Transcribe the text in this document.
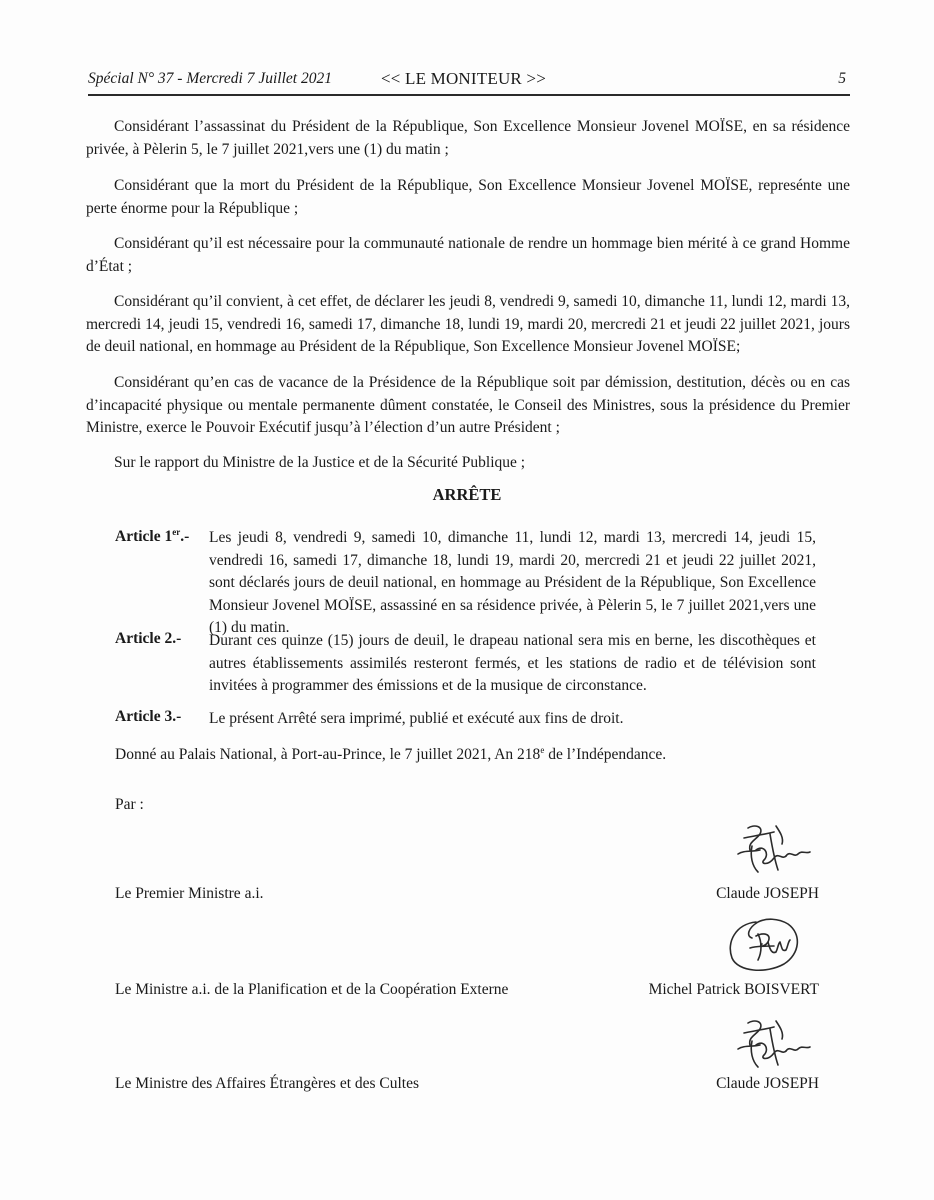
Spécial N° 37 - Mercredi 7 Juillet 2021	<< LE MONITEUR >>	5
Considérant l’assassinat du Président de la République, Son Excellence Monsieur Jovenel MOÏSE, en sa résidence privée, à Pèlerin 5, le 7 juillet 2021,vers une (1) du matin ;
Considérant que la mort du Président de la République, Son Excellence Monsieur Jovenel MOÏSE, represénte une perte énorme pour la République ;
Considérant qu’il est nécessaire pour la communauté nationale de rendre un hommage bien mérité à ce grand Homme d’État ;
Considérant qu’il convient, à cet effet, de déclarer les jeudi 8, vendredi 9, samedi 10, dimanche 11, lundi 12, mardi 13, mercredi 14, jeudi 15, vendredi 16, samedi 17, dimanche 18, lundi 19, mardi 20, mercredi 21 et jeudi 22 juillet 2021, jours de deuil national, en hommage au Président de la République, Son Excellence Monsieur Jovenel MOÏSE;
Considérant qu’en cas de vacance de la Présidence de la République soit par démission, destitution, décès ou en cas d’incapacité physique ou mentale permanente dûment constatée, le Conseil des Ministres, sous la présidence du Premier Ministre, exerce le Pouvoir Exécutif jusqu’à l’élection d’un autre Président ;
Sur le rapport du Ministre de la Justice et de la Sécurité Publique ;
ARRÊTE
Article 1er.- Les jeudi 8, vendredi 9, samedi 10, dimanche 11, lundi 12, mardi 13, mercredi 14, jeudi 15, vendredi 16, samedi 17, dimanche 18, lundi 19, mardi 20, mercredi 21 et jeudi 22 juillet 2021, sont déclarés jours de deuil national, en hommage au Président de la République, Son Excellence Monsieur Jovenel MOÏSE, assassiné en sa résidence privée, à Pèlerin 5, le 7 juillet 2021,vers une (1) du matin.
Article 2.- Durant ces quinze (15) jours de deuil, le drapeau national sera mis en berne, les discothèques et autres établissements assimilés resteront fermés, et les stations de radio et de télévision sont invitées à programmer des émissions et de la musique de circonstance.
Article 3.- Le présent Arrêté sera imprimé, publié et exécuté aux fins de droit.
Donné au Palais National, à Port-au-Prince, le 7 juillet 2021, An 218e de l’Indépendance.
Par :
Le Premier Ministre a.i.	Claude JOSEPH
Le Ministre a.i. de la Planification et de la Coopération Externe	Michel Patrick BOISVERT
Le Ministre des Affaires Étrangères et des Cultes	Claude JOSEPH
